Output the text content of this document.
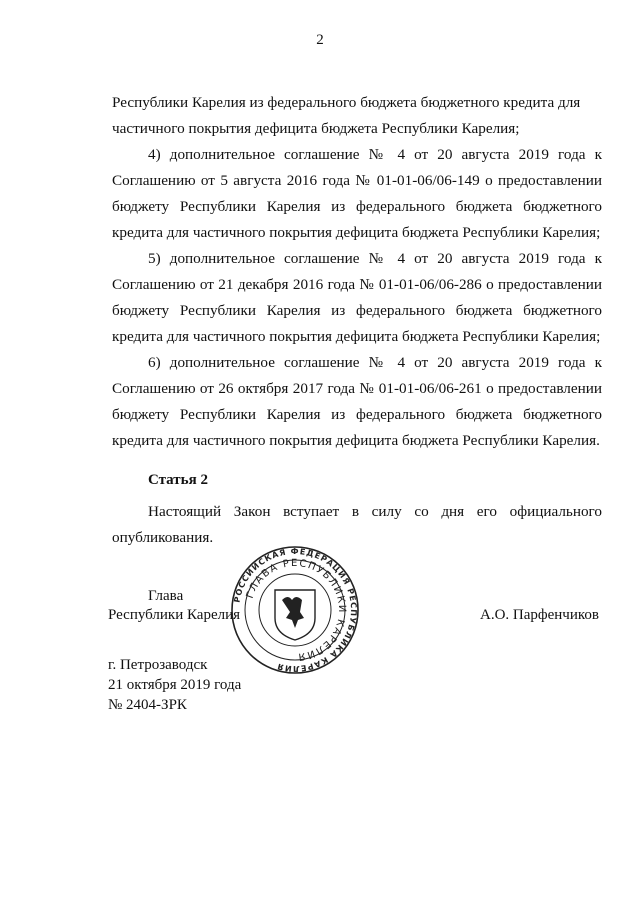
2

Республики Карелия из федерального бюджета бюджетного кредита для частичного покрытия дефицита бюджета Республики Карелия;

4) дополнительное соглашение № 4 от 20 августа 2019 года к Соглашению от 5 августа 2016 года № 01-01-06/06-149 о предоставлении бюджету Республики Карелия из федерального бюджета бюджетного кредита для частичного покрытия дефицита бюджета Республики Карелия;

5) дополнительное соглашение № 4 от 20 августа 2019 года к Соглашению от 21 декабря 2016 года № 01-01-06/06-286 о предоставлении бюджету Республики Карелия из федерального бюджета бюджетного кредита для частичного покрытия дефицита бюджета Республики Карелия;

6) дополнительное соглашение № 4 от 20 августа 2019 года к Соглашению от 26 октября 2017 года № 01-01-06/06-261 о предоставлении бюджету Республики Карелия из федерального бюджета бюджетного кредита для частичного покрытия дефицита бюджета Республики Карелия.

Статья 2
Настоящий Закон вступает в силу со дня его официального опубликования.
Глава
Республики Карелия	А.О. Парфенчиков
РОССИЙСКАЯ ФЕДЕРАЦИЯ РЕСПУБЛИКА КАРЕЛИЯ
ГЛАВА РЕСПУБЛИКИ КАРЕЛИЯ
г. Петрозаводск
21 октября 2019 года
№ 2404-ЗРК
